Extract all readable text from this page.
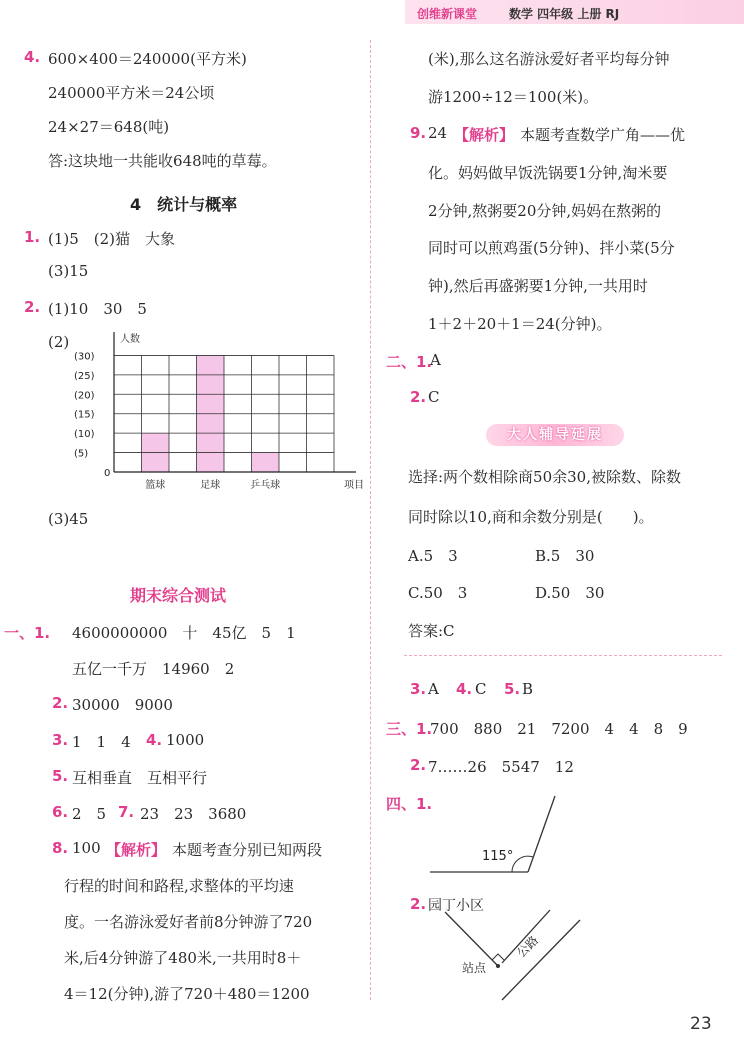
创维新课堂	数学 四年级 上册 RJ
4. 600×400＝240000(平方米)
240000平方米＝24公顷
24×27＝648(吨)
答:这块地一共能收648吨的草莓。
4　统计与概率
1. (1)5　(2)猫　大象
(3)15
2. (1)10　30　5
(2)
(30)
(25)
(20)
(15)
(10)
(5)
0
人数
篮球	足球	乒乓球	项目
(3)45
期末综合测试
一、1. 4600000000　十　45亿　5　1
五亿一千万　14960　2
2. 30000　9000
3. 1　1　4 4. 1000
5. 互相垂直　互相平行
6. 2　5 7. 23　23　3680
8. 100 【解析】 本题考查分别已知两段
行程的时间和路程,求整体的平均速
度。一名游泳爱好者前8分钟游了720
米,后4分钟游了480米,一共用时8＋
4＝12(分钟),游了720＋480＝1200
(米),那么这名游泳爱好者平均每分钟
游1200÷12＝100(米)。
9. 24 【解析】 本题考查数学广角——优
化。妈妈做早饭洗锅要1分钟,淘米要
2分钟,熬粥要20分钟,妈妈在熬粥的
同时可以煎鸡蛋(5分钟)、拌小菜(5分
钟),然后再盛粥要1分钟,一共用时
1＋2＋20＋1＝24(分钟)。
二、1.
A
2. C
大人辅导延展
选择:两个数相除商50余30,被除数、除数
同时除以10,商和余数分别是(　　)。
A.5　3	B.5　30
C.50　3	D.50　30
答案:C
3. A 4. C 5. B
三、1.
700　880　21　7200　4　4　8　9
2. 7……26　5547　12
四、1.
115°
站点
公路
2. 园丁小区
23
